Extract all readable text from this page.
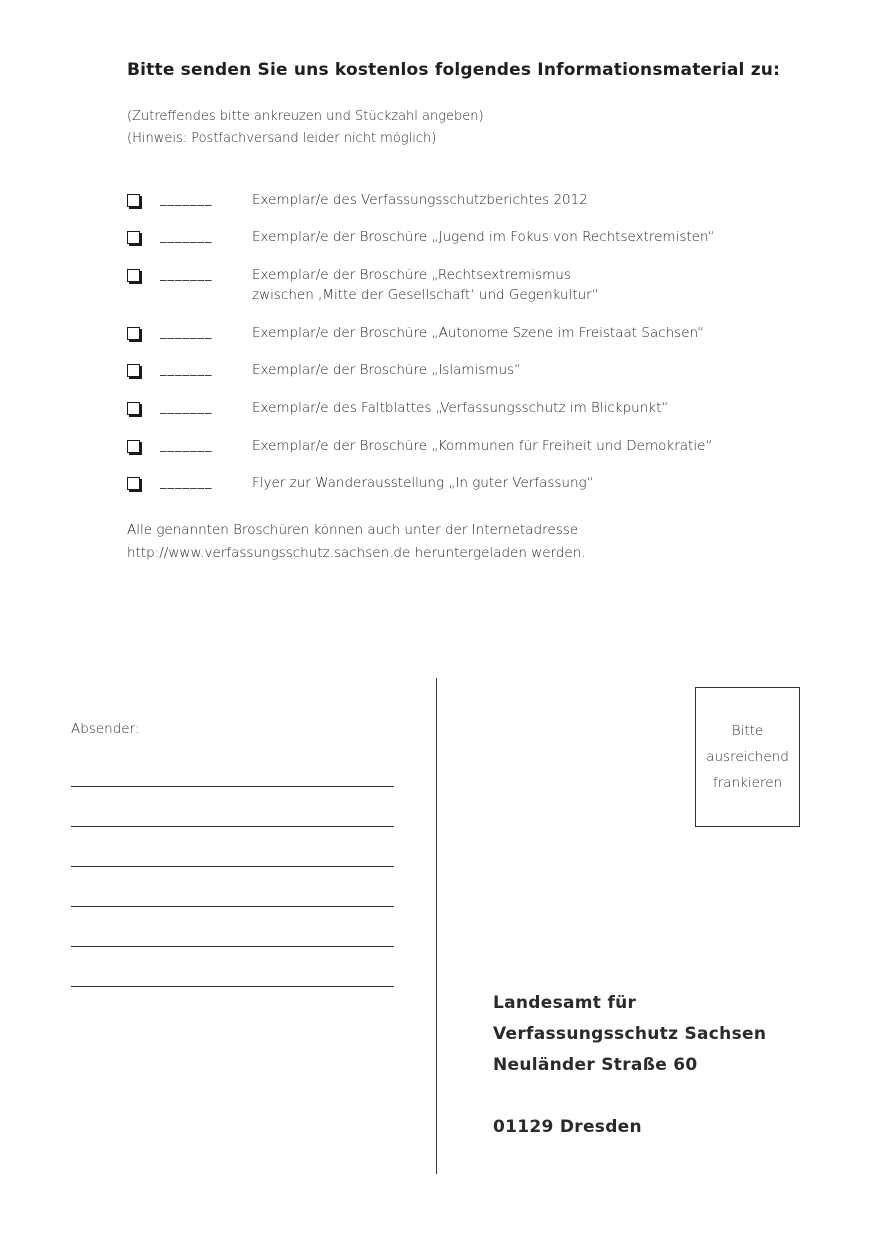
Bitte senden Sie uns kostenlos folgendes Informationsmaterial zu:
(Zutreffendes bitte ankreuzen und Stückzahl angeben)
(Hinweis: Postfachversand leider nicht möglich)
_______	Exemplar/e des Verfassungsschutzberichtes 2012
_______	Exemplar/e der Broschüre „Jugend im Fokus von Rechtsextremisten“
_______	Exemplar/e der Broschüre „Rechtsextremismus
zwischen ‚Mitte der Gesellschaft‘ und Gegenkultur“
_______	Exemplar/e der Broschüre „Autonome Szene im Freistaat Sachsen“
_______	Exemplar/e der Broschüre „Islamismus“
_______	Exemplar/e des Faltblattes „Verfassungsschutz im Blickpunkt“
_______	Exemplar/e der Broschüre „Kommunen für Freiheit und Demokratie“
_______	Flyer zur Wanderausstellung „In guter Verfassung“
Alle genannten Broschüren können auch unter der Internetadresse
http://www.verfassungsschutz.sachsen.de heruntergeladen werden.
Absender:	Bitte
ausreichend
frankieren
Landesamt für
Verfassungsschutz Sachsen
Neuländer Straße 60
01129 Dresden
